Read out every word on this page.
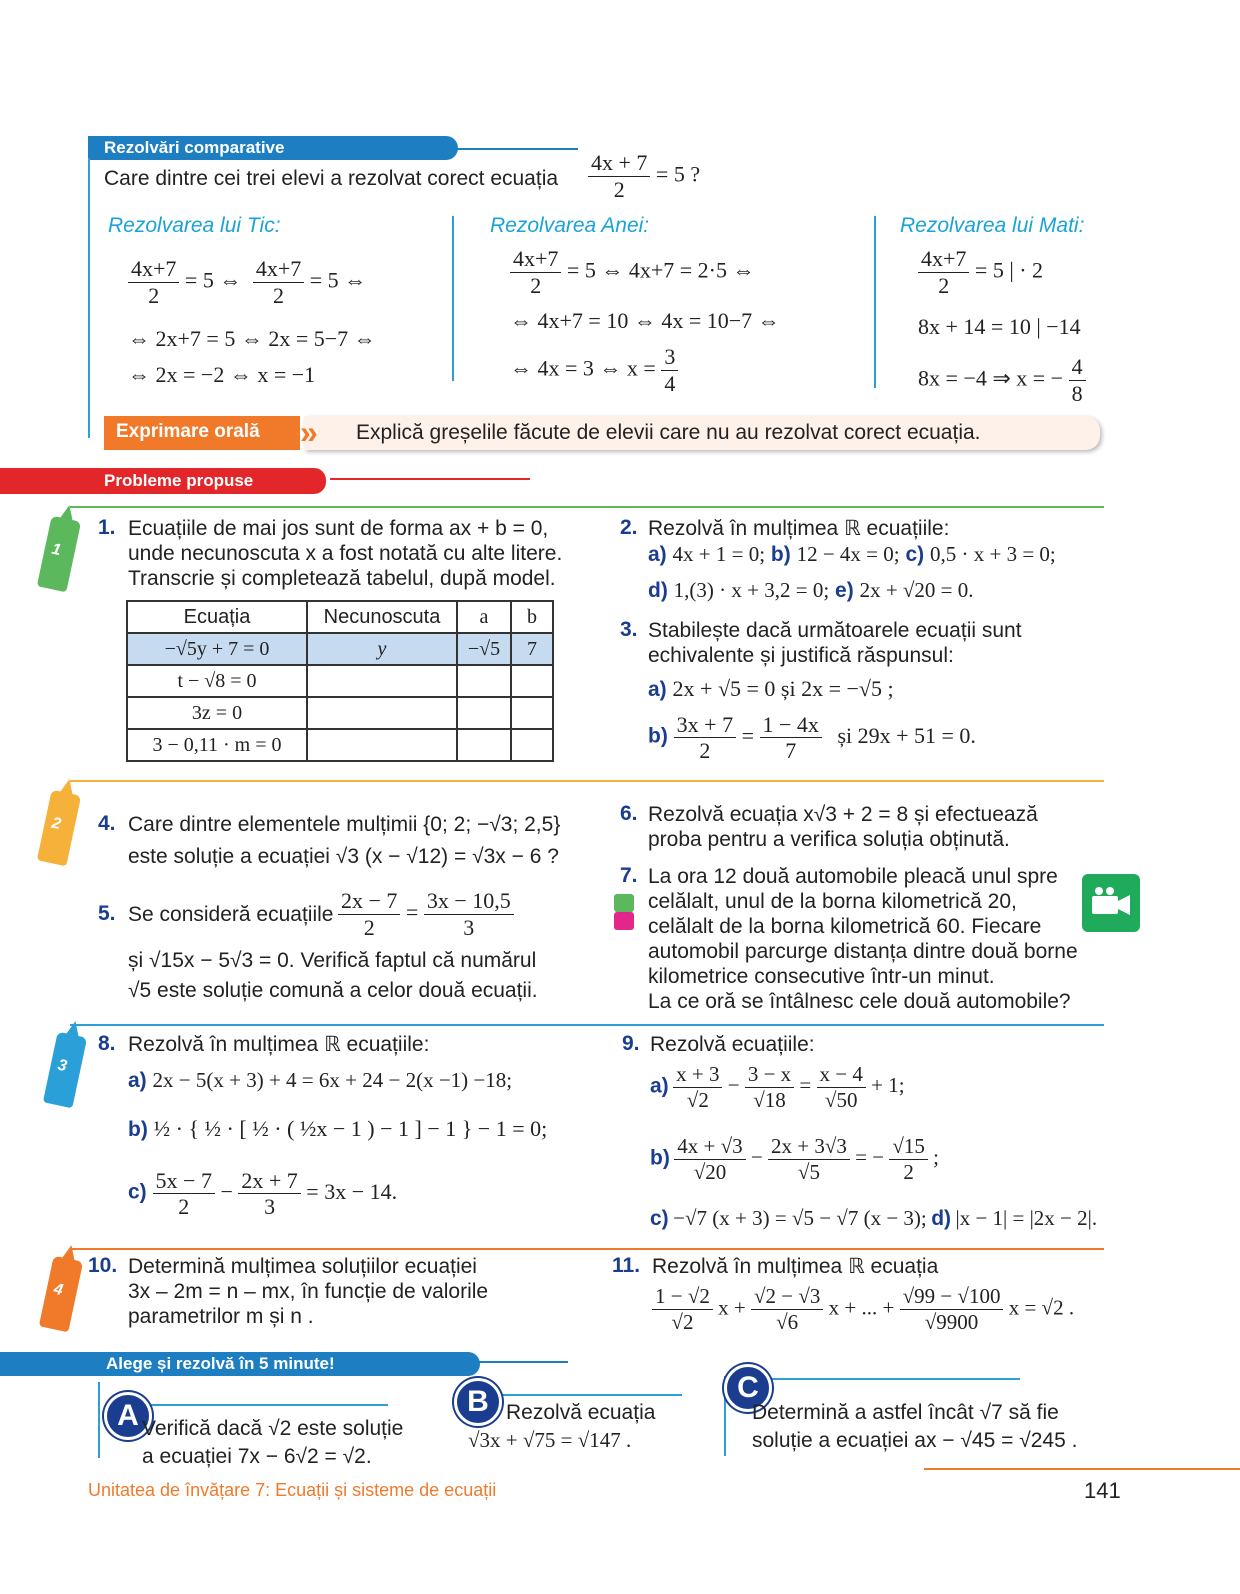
Rezolvări comparative
Care dintre cei trei elevi a rezolvat corect ecuația $\frac{4x + 7}{2} = 5$ ?
Rezolvarea lui Tic:
$\frac{4x+7}{2} = 5$ ⇔ $\frac{4x+7}{2} = 5$ ⇔
⇔ 2x+7 = 5 ⇔ 2x = 5−7 ⇔
⇔ 2x = −2 ⇔ x = −1
Rezolvarea Anei:
$\frac{4x+7}{2} = 5$ ⇔ 4x+7 = 2·5 ⇔
⇔ 4x+7 = 10 ⇔ 4x = 10−7 ⇔
⇔ 4x = 3 ⇔ $x = \frac{3}{4}$
Rezolvarea lui Mati:
$\frac{4x+7}{2} = 5$ | · 2
8x + 14 = 10 | −14
8x = −4 ⇒ x = − $\frac{4}{8}$
Exprimare orală » Explică greșelile făcute de elevii care nu au rezolvat corect ecuația.
Probleme propuse
1
2
3
4
1. Ecuațiile de mai jos sunt de forma ax + b = 0,
unde necunoscuta x a fost notată cu alte litere.
Transcrie și completează tabelul, după model.
Ecuația	Necunoscuta	a	b
−√5y + 7 = 0	y	−√5	7
t − √8 = 0			
3z = 0			
3 − 0,11 · m = 0			
2. Rezolvă în mulțimea ℝ ecuațiile:
a) 4x + 1 = 0; b) 12 − 4x = 0; c) 0,5 · x + 3 = 0;
d) 1,(3) · x + 3,2 = 0; e) 2x + √20 = 0.
3. Stabilește dacă următoarele ecuații sunt
echivalente și justifică răspunsul:
a) 2x + √5 = 0 și 2x = −√5 ;
$b) \frac{3x + 7}{2} = \frac{1 - 4x}{7}$ și 29x + 51 = 0.
4. Care dintre elementele mulțimii {0; 2; −√3; 2,5}
este soluție a ecuației √3 (x − √12) = √3x − 6 ?
5. Se consideră ecuațiile $\frac{2x - 7}{2} = \frac{3x - 10,5}{3}$
și √15x − 5√3 = 0. Verifică faptul că numărul
√5 este soluție comună a celor două ecuații.
6. Rezolvă ecuația x√3 + 2 = 8 și efectuează
proba pentru a verifica soluția obținută.
7. La ora 12 două automobile pleacă unul spre
celălalt, unul de la borna kilometrică 20,
celălalt de la borna kilometrică 60. Fiecare
automobil parcurge distanța dintre două borne
kilometrice consecutive într-un minut.
La ce oră se întâlnesc cele două automobile?
8. Rezolvă în mulțimea ℝ ecuațiile:
a) 2x − 5(x + 3) + 4 = 6x + 24 − 2(x −1) −18;
b) ½ · { ½ · [ ½ · ( ½x − 1 ) − 1 ] − 1 } − 1 = 0;
$c) \frac{5x - 7}{2} - \frac{2x + 7}{3} = 3x - 14$.
9. Rezolvă ecuațiile:
$a) \frac{x + 3}{√2} - \frac{3 - x}{√18} = \frac{x - 4}{√50} + 1$;
$b) \frac{4x + √3}{√20} - \frac{2x + 3√3}{√5}$ = − $\frac{√15}{2}$ ;
c) −√7 (x + 3) = √5 − √7 (x − 3); d) |x − 1| = |2x − 2|.
10. Determină mulțimea soluțiilor ecuației
3x – 2m = n – mx, în funcție de valorile
parametrilor m și n .
11. Rezolvă în mulțimea ℝ ecuația
$\frac{1 - √2}{√2}$ $x + \frac{√2 - √3}{√6}$ x + ... + $\frac{√99 - √100}{√9900}$ x = √2 .
Alege și rezolvă în 5 minute!
A Verifică dacă √2 este soluție
a ecuației 7x − 6√2 = √2.
B Rezolvă ecuația
√3x + √75 = √147 .
C
Determină a astfel încât √7 să fie
soluție a ecuației ax − √45 = √245 .
Unitatea de învățare 7: Ecuații și sisteme de ecuații	141
